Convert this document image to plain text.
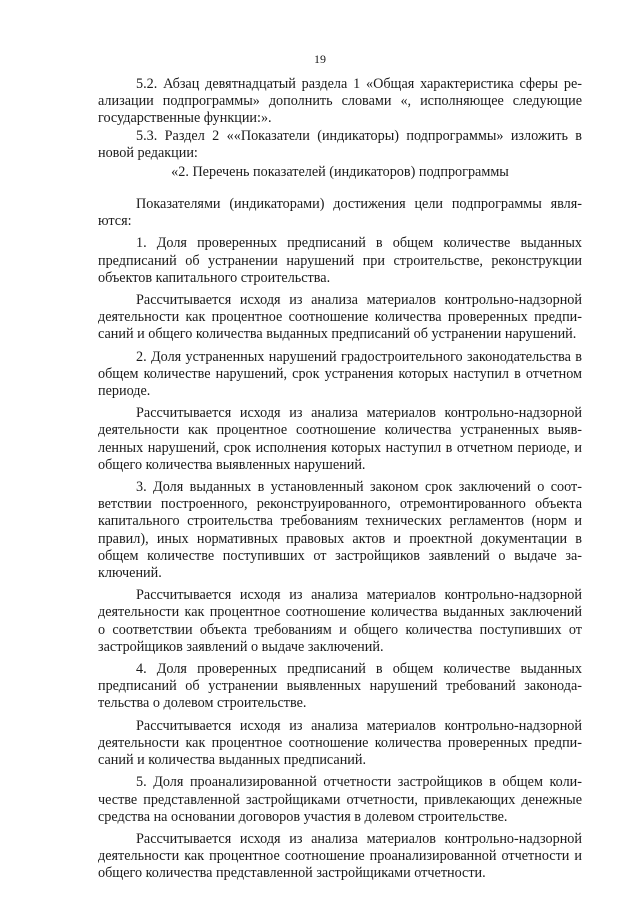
19

5.2. Абзац девятнадцатый раздела 1 «Общая характеристика сферы реализации подпрограммы» дополнить словами «, исполняющее следующие государственные функции:».

5.3. Раздел 2 ««Показатели (индикаторы) подпрограммы» изложить в новой редакции:

«2. Перечень показателей (индикаторов) подпрограммы

Показателями (индикаторами) достижения цели подпрограммы являются:

1. Доля проверенных предписаний в общем количестве выданных предписаний об устранении нарушений при строительстве, реконструкции объектов капитального строительства.

Рассчитывается исходя из анализа материалов контрольно-надзорной деятельности как процентное соотношение количества проверенных предписаний и общего количества выданных предписаний об устранении нарушений.

2. Доля устраненных нарушений градостроительного законодательства в общем количестве нарушений, срок устранения которых наступил в отчетном периоде.

Рассчитывается исходя из анализа материалов контрольно-надзорной деятельности как процентное соотношение количества устраненных выявленных нарушений, срок исполнения которых наступил в отчетном периоде, и общего количества выявленных нарушений.

3. Доля выданных в установленный законом срок заключений о соответствии построенного, реконструированного, отремонтированного объекта капитального строительства требованиям технических регламентов (норм и правил), иных нормативных правовых актов и проектной документации в общем количестве поступивших от застройщиков заявлений о выдаче заключений.

Рассчитывается исходя из анализа материалов контрольно-надзорной деятельности как процентное соотношение количества выданных заключений о соответствии объекта требованиям и общего количества поступивших от застройщиков заявлений о выдаче заключений.

4. Доля проверенных предписаний в общем количестве выданных предписаний об устранении выявленных нарушений требований законодательства о долевом строительстве.

Рассчитывается исходя из анализа материалов контрольно-надзорной деятельности как процентное соотношение количества проверенных предписаний и количества выданных предписаний.

5. Доля проанализированной отчетности застройщиков в общем количестве представленной застройщиками отчетности, привлекающих денежные средства на основании договоров участия в долевом строительстве.

Рассчитывается исходя из анализа материалов контрольно-надзорной деятельности как процентное соотношение проанализированной отчетности и общего количества представленной застройщиками отчетности.
